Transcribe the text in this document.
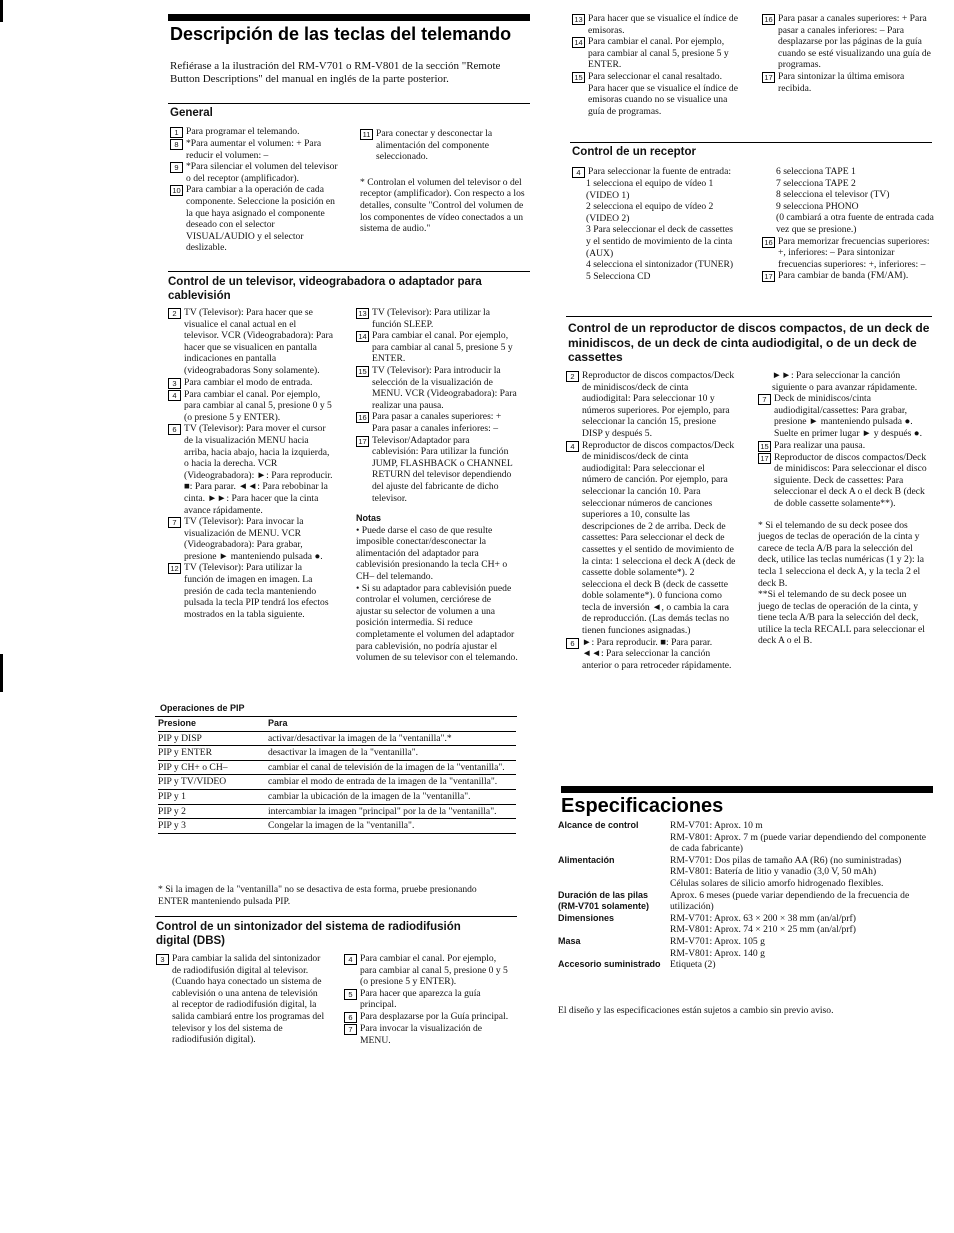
Descripción de las teclas del telemando

Refiérase a la ilustración del RM-V701 o RM-V801 de la sección "Remote Button Descriptions" del manual en inglés de la parte posterior.

General
1 Para programar el telemando.
8 *Para aumentar el volumen: + Para reducir el volumen: –
9 *Para silenciar el volumen del televisor o del receptor (amplificador).
10 Para cambiar a la operación de cada componente. Seleccione la posición en la que haya asignado el componente deseado con el selector VISUAL/AUDIO y el selector deslizable.
11 Para conectar y desconectar la alimentación del componente seleccionado.

* Controlan el volumen del televisor o del receptor (amplificador). Con respecto a los detalles, consulte "Control del volumen de los componentes de vídeo conectados a un sistema de audio."

Control de un televisor, videograbadora o adaptador para cablevisión
2 TV (Televisor): Para hacer que se visualice el canal actual en el televisor. VCR (Videograbadora): Para hacer que se visualicen en pantalla indicaciones en pantalla (videograbadoras Sony solamente).
3 Para cambiar el modo de entrada.
4 Para cambiar el canal. Por ejemplo, para cambiar al canal 5, presione 0 y 5 (o presione 5 y ENTER).
6 TV (Televisor): Para mover el cursor de la visualización MENU hacia arriba, hacia abajo, hacia la izquierda, o hacia la derecha. VCR (Videograbadora): ►: Para reproducir. ■: Para parar. ◄◄: Para rebobinar la cinta. ►►: Para hacer que la cinta avance rápidamente.
7 TV (Televisor): Para invocar la visualización de MENU. VCR (Videograbadora): Para grabar, presione ► manteniendo pulsada ●.
12 TV (Televisor): Para utilizar la función de imagen en imagen. La presión de cada tecla manteniendo pulsada la tecla PIP tendrá los efectos mostrados en la tabla siguiente.
13 TV (Televisor): Para utilizar la función SLEEP.
14 Para cambiar el canal. Por ejemplo, para cambiar al canal 5, presione 5 y ENTER.
15 TV (Televisor): Para introducir la selección de la visualización de MENU. VCR (Videograbadora): Para realizar una pausa.
16 Para pasar a canales superiores: + Para pasar a canales inferiores: –
17 Televisor/Adaptador para cablevisión: Para utilizar la función JUMP, FLASHBACK o CHANNEL RETURN del televisor dependiendo del ajuste del fabricante de dicho televisor.

Notas

• Puede darse el caso de que resulte imposible conectar/desconectar la alimentación del adaptador para cablevisión presionando la tecla CH+ o CH– del telemando.

• Si su adaptador para cablevisión puede controlar el volumen, cerciórese de ajustar su selector de volumen a una posición intermedia. Si reduce completamente el volumen del adaptador para cablevisión, no podría ajustar el volumen de su televisor con el telemando.

Operaciones de PIP

Presione	Para
PIP y DISP	activar/desactivar la imagen de la "ventanilla".*
PIP y ENTER	desactivar la imagen de la "ventanilla".
PIP y CH+ o CH–	cambiar el canal de televisión de la imagen de la "ventanilla".
PIP y TV/VIDEO	cambiar el modo de entrada de la imagen de la "ventanilla".
PIP y 1	cambiar la ubicación de la imagen de la "ventanilla".
PIP y 2	intercambiar la imagen "principal" por la de la "ventanilla".
PIP y 3	Congelar la imagen de la "ventanilla".

* Si la imagen de la "ventanilla" no se desactiva de esta forma, pruebe presionando ENTER manteniendo pulsada PIP.

Control de un sintonizador del sistema de radiodifusión digital (DBS)
3 Para cambiar la salida del sintonizador de radiodifusión digital al televisor. (Cuando haya conectado un sistema de cablevisión o una antena de televisión al receptor de radiodifusión digital, la salida cambiará entre los programas del televisor y los del sistema de radiodifusión digital).
4 Para cambiar el canal. Por ejemplo, para cambiar al canal 5, presione 0 y 5 (o presione 5 y ENTER).
5 Para hacer que aparezca la guía principal.
6 Para desplazarse por la Guía principal.
7 Para invocar la visualización de MENU.
13 Para hacer que se visualice el índice de emisoras.
14 Para cambiar el canal. Por ejemplo, para cambiar al canal 5, presione 5 y ENTER.
15 Para seleccionar el canal resaltado. Para hacer que se visualice el índice de emisoras cuando no se visualice una guía de programas.
16 Para pasar a canales superiores: + Para pasar a canales inferiores: – Para desplazarse por las páginas de la guía cuando se esté visualizando una guía de programas.
17 Para sintonizar la última emisora recibida.
Control de un receptor
4 Para seleccionar la fuente de entrada:

1 selecciona el equipo de vídeo 1 (VIDEO 1)

2 selecciona el equipo de vídeo 2 (VIDEO 2)

3 Para seleccionar el deck de cassettes y el sentido de movimiento de la cinta (AUX)

4 selecciona el sintonizador (TUNER)

5 Selecciona CD

6 selecciona TAPE 1

7 selecciona TAPE 2

8 selecciona el televisor (TV)

9 selecciona PHONO

(0 cambiará a otra fuente de entrada cada vez que se presione.)

16 Para memorizar frecuencias superiores: +, inferiores: – Para sintonizar frecuencias superiores: +, inferiores: –
17 Para cambiar de banda (FM/AM).
Control de un reproductor de discos compactos, de un deck de minidiscos, de un deck de cinta audiodigital, o de un deck de cassettes
2 Reproductor de discos compactos/Deck de minidiscos/deck de cinta audiodigital: Para seleccionar 10 y números superiores. Por ejemplo, para seleccionar la canción 15, presione DISP y después 5.
4 Reproductor de discos compactos/Deck de minidiscos/deck de cinta audiodigital: Para seleccionar el número de canción. Por ejemplo, para seleccionar la canción 10. Para seleccionar números de canciones superiores a 10, consulte las descripciones de 2 de arriba. Deck de cassettes: Para seleccionar el deck de cassettes y el sentido de movimiento de la cinta: 1 selecciona el deck A (deck de cassette doble solamente*). 2 selecciona el deck B (deck de cassette doble solamente*). 0 funciona como tecla de inversión ◄, o cambia la cara de reproducción. (Las demás teclas no tienen funciones asignadas.)
6 ►: Para reproducir. ■: Para parar. ◄◄: Para seleccionar la canción anterior o para retroceder rápidamente.

►►: Para seleccionar la canción siguiente o para avanzar rápidamente.

7 Deck de minidiscos/cinta audiodigital/cassettes: Para grabar, presione ► manteniendo pulsada ●. Suelte en primer lugar ► y después ●.
15 Para realizar una pausa.
17 Reproductor de discos compactos/Deck de minidiscos: Para seleccionar el disco siguiente. Deck de cassettes: Para seleccionar el deck A o el deck B (deck de doble cassette solamente**).

* Si el telemando de su deck posee dos juegos de teclas de operación de la cinta y carece de tecla A/B para la selección del deck, utilice las teclas numéricas (1 y 2): la tecla 1 selecciona el deck A, y la tecla 2 el deck B.

**Si el telemando de su deck posee un juego de teclas de operación de la cinta, y tiene tecla A/B para la selección del deck, utilice la tecla RECALL para seleccionar el deck A o el B.

Especificaciones
Alcance de control	RM-V701: Aprox. 10 m
RM-V801: Aprox. 7 m (puede variar dependiendo del componente de cada fabricante)
Alimentación	RM-V701: Dos pilas de tamaño AA (R6) (no suministradas)
RM-V801: Batería de litio y vanadio (3,0 V, 50 mAh)
Células solares de silicio amorfo hidrogenado flexibles.
Duración de las pilas (RM-V701 solamente)	Aprox. 6 meses (puede variar dependiendo de la frecuencia de utilización)
Dimensiones	RM-V701: Aprox. 63 × 200 × 38 mm (an/al/prf)
RM-V801: Aprox. 74 × 210 × 25 mm (an/al/prf)
Masa	RM-V701: Aprox. 105 g
RM-V801: Aprox. 140 g
Accesorio suministrado	Etiqueta (2)

El diseño y las especificaciones están sujetos a cambio sin previo aviso.
